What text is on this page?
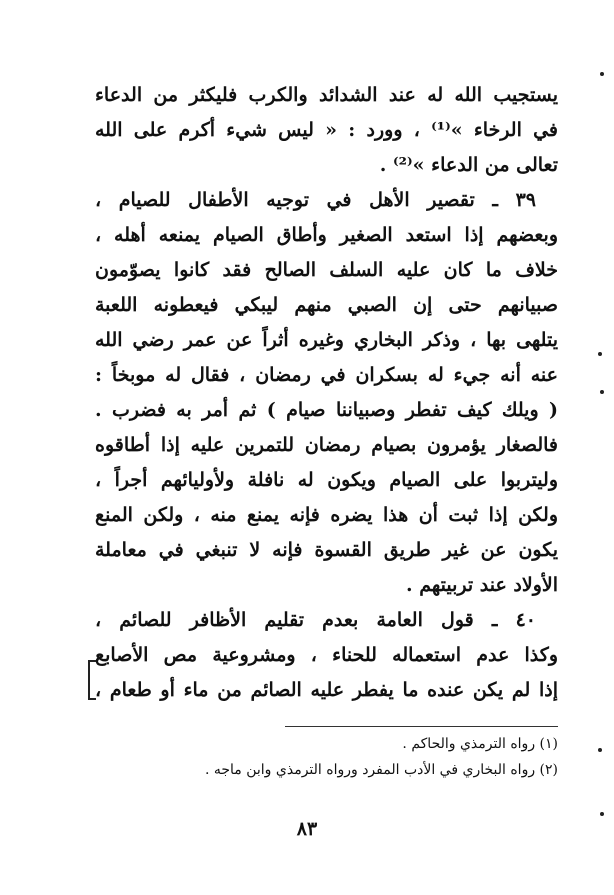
يستجيب الله له عند الشدائد والكرب فليكثر من الدعاء
في الرخاء »⁽¹⁾ ، وورد : « ليس شيء أكرم على الله
تعالى من الدعاء »⁽²⁾ .
٣٩ ـ تقصير الأهل في توجيه الأطفال للصيام ،
وبعضهم إذا استعد الصغير وأطاق الصيام يمنعه أهله ،
خلاف ما كان عليه السلف الصالح فقد كانوا يصوّمون
صبيانهم حتى إن الصبي منهم ليبكي فيعطونه اللعبة
يتلهى بها ، وذكر البخاري وغيره أثراً عن عمر رضي الله
عنه أنه جيء له بسكران في رمضان ، فقال له موبخاً :
( ويلك كيف تفطر وصبياننا صيام ) ثم أمر به فضرب .
فالصغار يؤمرون بصيام رمضان للتمرين عليه إذا أطاقوه
وليتربوا على الصيام ويكون له نافلة ولأوليائهم أجراً ،
ولكن إذا ثبت أن هذا يضره فإنه يمنع منه ، ولكن المنع
يكون عن غير طريق القسوة فإنه لا تنبغي في معاملة
الأولاد عند تربيتهم .
٤٠ ـ قول العامة بعدم تقليم الأظافر للصائم ،
وكذا عدم استعماله للحناء ، ومشروعية مص الأصابع
إذا لم يكن عنده ما يفطر عليه الصائم من ماء أو طعام ،
(١) رواه الترمذي والحاكم .
(٢) رواه البخاري في الأدب المفرد ورواه الترمذي وابن ماجه .
٨٣
